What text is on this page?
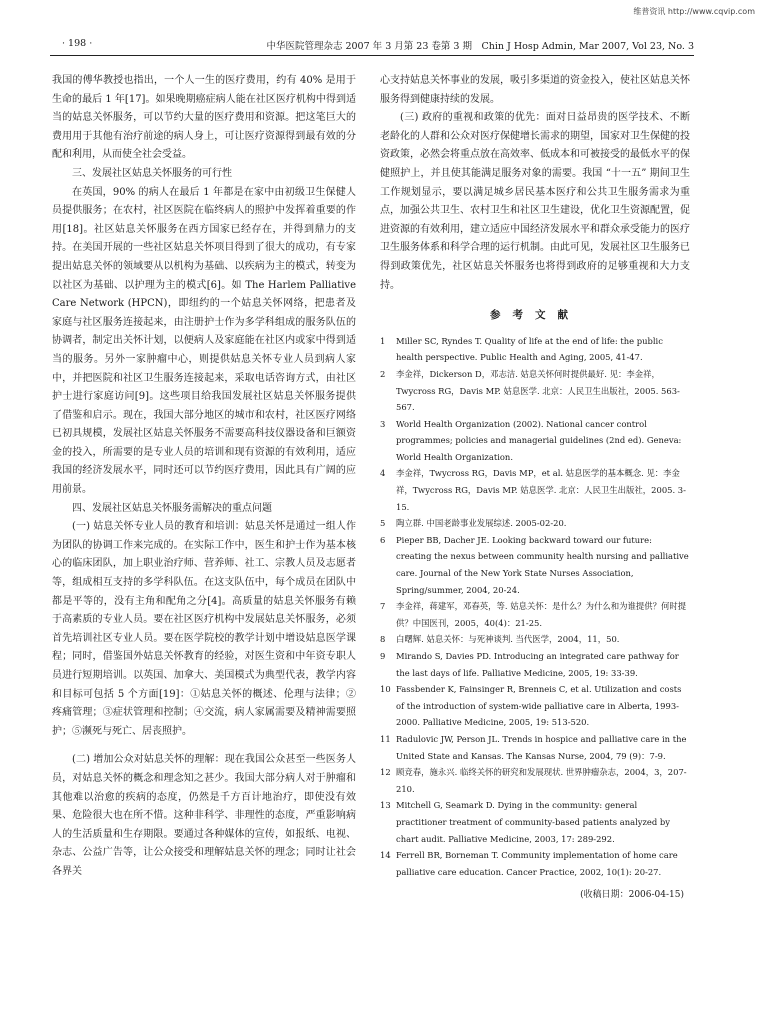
维普资讯 http://www.cqvip.com
· 198 ·	中华医院管理杂志 2007 年 3 月第 23 卷第 3 期　Chin J Hosp Admin, Mar 2007, Vol 23, No. 3

我国的傅华教授也指出，一个人一生的医疗费用，约有 40% 是用于生命的最后 1 年[17]。如果晚期癌症病人能在社区医疗机构中得到适当的姑息关怀服务，可以节约大量的医疗费用和资源。把这笔巨大的费用用于其他有治疗前途的病人身上，可让医疗资源得到最有效的分配和利用，从而使全社会受益。

三、发展社区姑息关怀服务的可行性

在英国，90% 的病人在最后 1 年都是在家中由初级卫生保健人员提供服务；在农村，社区医院在临终病人的照护中发挥着重要的作用[18]。社区姑息关怀服务在西方国家已经存在，并得到鼎力的支持。在美国开展的一些社区姑息关怀项目得到了很大的成功，有专家提出姑息关怀的领域要从以机构为基础、以疾病为主的模式，转变为以社区为基础、以护理为主的模式[6]。如 The Harlem Palliative Care Network (HPCN)，即纽约的一个姑息关怀网络，把患者及家庭与社区服务连接起来，由注册护士作为多学科组成的服务队伍的协调者，制定出关怀计划，以便病人及家庭能在社区内或家中得到适当的服务。另外一家肿瘤中心，则提供姑息关怀专业人员到病人家中，并把医院和社区卫生服务连接起来，采取电话咨询方式，由社区护士进行家庭访问[9]。这些项目给我国发展社区姑息关怀服务提供了借鉴和启示。现在，我国大部分地区的城市和农村，社区医疗网络已初具规模，发展社区姑息关怀服务不需要高科技仪器设备和巨额资金的投入，所需要的是专业人员的培训和现有资源的有效利用，适应我国的经济发展水平，同时还可以节约医疗费用，因此具有广阔的应用前景。

四、发展社区姑息关怀服务需解决的重点问题

(一) 姑息关怀专业人员的教育和培训：姑息关怀是通过一组人作为团队的协调工作来完成的。在实际工作中，医生和护士作为基本核心的临床团队，加上职业治疗师、营养师、社工、宗教人员及志愿者等，组成相互支持的多学科队伍。在这支队伍中，每个成员在团队中都是平等的，没有主角和配角之分[4]。高质量的姑息关怀服务有赖于高素质的专业人员。要在社区医疗机构中发展姑息关怀服务，必须首先培训社区专业人员。要在医学院校的教学计划中增设姑息医学课程；同时，借鉴国外姑息关怀教育的经验，对医生资和中年资专职人员进行短期培训。以英国、加拿大、美国模式为典型代表，教学内容和目标可包括 5 个方面[19]：①姑息关怀的概述、伦理与法律；② 疼痛管理；③症状管理和控制；④交流，病人家属需要及精神需要照护；⑤濒死与死亡、居丧照护。

(二) 增加公众对姑息关怀的理解：现在我国公众甚至一些医务人员，对姑息关怀的概念和理念知之甚少。我国大部分病人对于肿瘤和其他难以治愈的疾病的态度，仍然是千方百计地治疗，即使没有效果、危险很大也在所不惜。这种非科学、非理性的态度，严重影响病人的生活质量和生存期限。要通过各种媒体的宣传，如报纸、电视、杂志、公益广告等，让公众接受和理解姑息关怀的理念；同时让社会各界关

心支持姑息关怀事业的发展，吸引多渠道的资金投入，使社区姑息关怀服务得到健康持续的发展。

(三) 政府的重视和政策的优先：面对日益昂贵的医学技术、不断老龄化的人群和公众对医疗保健增长需求的期望，国家对卫生保健的投资政策，必然会将重点放在高效率、低成本和可被接受的最低水平的保健照护上，并且使其能满足服务对象的需要。我国 “十一五” 期间卫生工作规划显示，要以满足城乡居民基本医疗和公共卫生服务需求为重点，加强公共卫生、农村卫生和社区卫生建设，优化卫生资源配置，促进资源的有效利用，建立适应中国经济发展水平和群众承受能力的医疗卫生服务体系和科学合理的运行机制。由此可见，发展社区卫生服务已得到政策优先，社区姑息关怀服务也将得到政府的足够重视和大力支持。

参考文献
1	Miller SC, Ryndes T. Quality of life at the end of life: the public health perspective. Public Health and Aging, 2005, 41-47.
2	李金祥，Dickerson D，邓志洁. 姑息关怀何时提供最好. 见：李金祥，Twycross RG，Davis MP. 姑息医学. 北京：人民卫生出版社，2005. 563-567.
3	World Health Organization (2002). National cancer control programmes; policies and managerial guidelines (2nd ed). Geneva: World Health Organization.
4	李金祥，Twycross RG，Davis MP，et al. 姑息医学的基本概念. 见：李金祥，Twycross RG，Davis MP. 姑息医学. 北京：人民卫生出版社，2005. 3-15.
5	陶立群. 中国老龄事业发展综述. 2005-02-20.
6	Pieper BB, Dacher JE. Looking backward toward our future: creating the nexus between community health nursing and palliative care. Journal of the New York State Nurses Association, Spring/summer, 2004, 20-24.
7	李金祥，蒋建军，邓春英，等. 姑息关怀：是什么？为什么和为谁提供？何时提供？中国医刊，2005，40(4)：21-25.
8	白曙辉. 姑息关怀：与死神谈判. 当代医学，2004，11，50.
9	Mirando S, Davies PD. Introducing an integrated care pathway for the last days of life. Palliative Medicine, 2005, 19: 33-39.
10 Fassbender K, Fainsinger R, Brenneis C, et al. Utilization and costs of the introduction of system-wide palliative care in Alberta, 1993-2000. Palliative Medicine, 2005, 19: 513-520.
11 Radulovic JW, Person JL. Trends in hospice and palliative care in the United State and Kansas. The Kansas Nurse, 2004, 79 (9)：7-9.
12 顾竞春，施永兴. 临终关怀的研究和发展现状. 世界肿瘤杂志，2004，3，207-210.
13 Mitchell G, Seamark D. Dying in the community: general practitioner treatment of community-based patients analyzed by chart audit. Palliative Medicine, 2003, 17: 289-292.
14 Ferrell BR, Borneman T. Community implementation of home care palliative care education. Cancer Practice, 2002, 10(1): 20-27.
(收稿日期：2006-04-15)
